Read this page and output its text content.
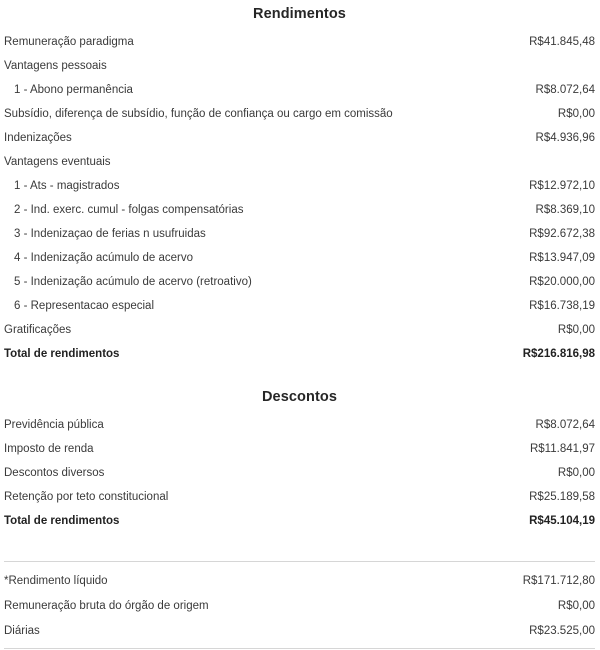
Rendimentos
Remuneração paradigma	R$41.845,48
Vantagens pessoais
1 - Abono permanência	R$8.072,64
Subsídio, diferença de subsídio, função de confiança ou cargo em comissão	R$0,00
Indenizações	R$4.936,96
Vantagens eventuais
1 - Ats - magistrados	R$12.972,10
2 - Ind. exerc. cumul - folgas compensatórias	R$8.369,10
3 - Indenizaçao de ferias n usufruidas	R$92.672,38
4 - Indenização acúmulo de acervo	R$13.947,09
5 - Indenização acúmulo de acervo (retroativo)	R$20.000,00
6 - Representacao especial	R$16.738,19
Gratificações	R$0,00
Total de rendimentos	R$216.816,98
Descontos
Previdência pública	R$8.072,64
Imposto de renda	R$11.841,97
Descontos diversos	R$0,00
Retenção por teto constitucional	R$25.189,58
Total de rendimentos	R$45.104,19
*Rendimento líquido	R$171.712,80
Remuneração bruta do órgão de origem	R$0,00
Diárias	R$23.525,00
